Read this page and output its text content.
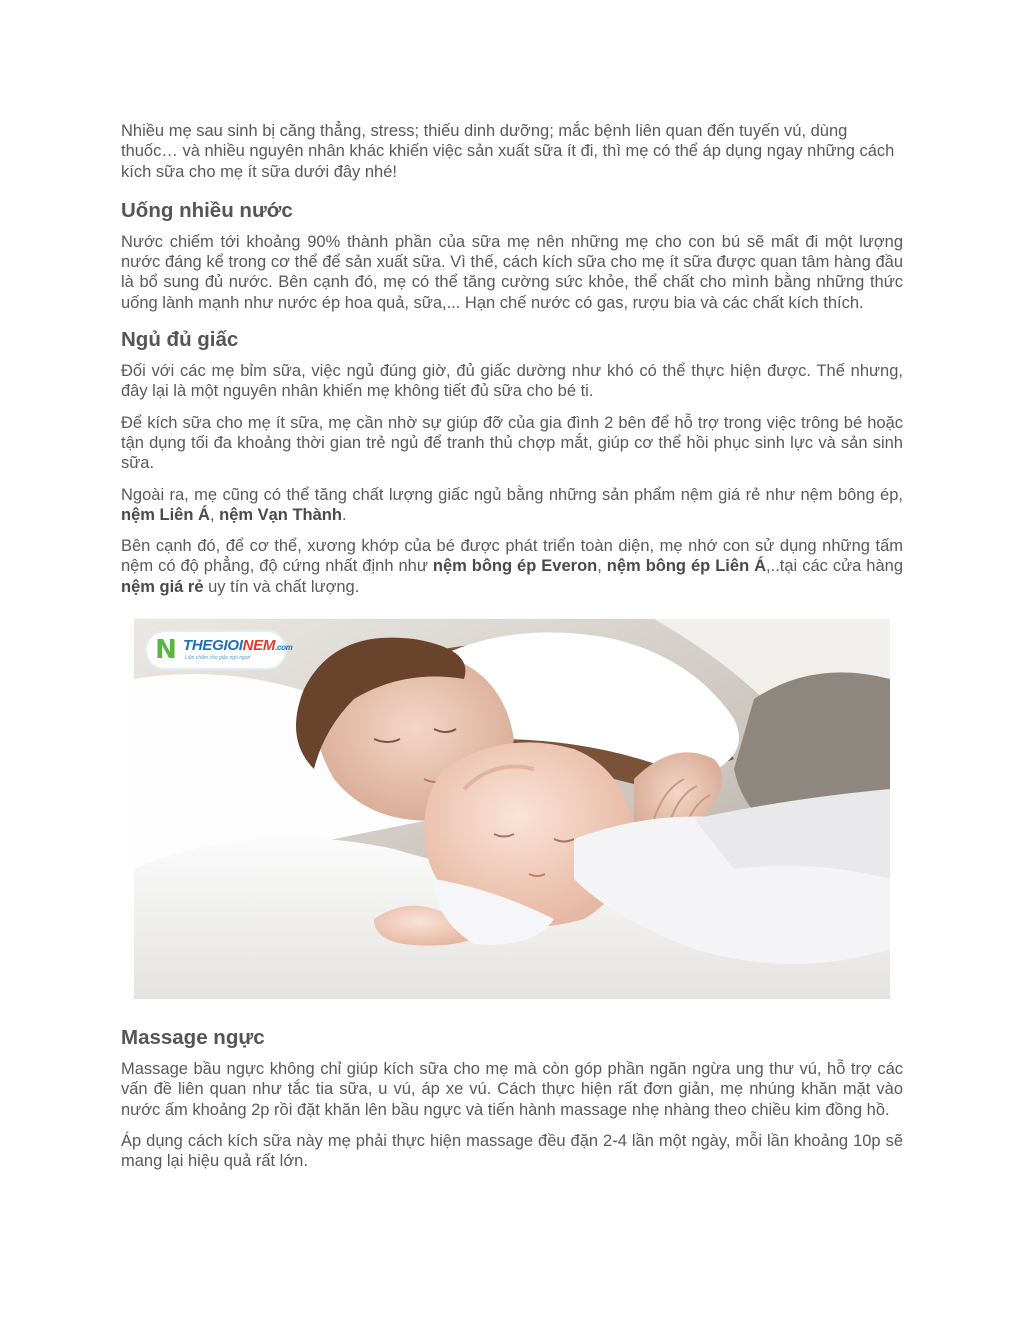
Nhiều mẹ sau sinh bị căng thẳng, stress; thiếu dinh dưỡng; mắc bệnh liên quan đến tuyến vú, dùng thuốc… và nhiều nguyên nhân khác khiến việc sản xuất sữa ít đi, thì mẹ có thể áp dụng ngay những cách kích sữa cho mẹ ít sữa dưới đây nhé!

Uống nhiều nước

Nước chiếm tới khoảng 90% thành phần của sữa mẹ nên những mẹ cho con bú sẽ mất đi một lượng nước đáng kể trong cơ thể để sản xuất sữa. Vì thế, cách kích sữa cho mẹ ít sữa được quan tâm hàng đầu là bổ sung đủ nước. Bên cạnh đó, mẹ có thể tăng cường sức khỏe, thể chất cho mình bằng những thức uống lành mạnh như nước ép hoa quả, sữa,... Hạn chế nước có gas, rượu bia và các chất kích thích.

Ngủ đủ giấc

Đối với các mẹ bỉm sữa, việc ngủ đúng giờ, đủ giấc dường như khó có thể thực hiện được. Thế nhưng, đây lại là một nguyên nhân khiến mẹ không tiết đủ sữa cho bé ti.

Để kích sữa cho mẹ ít sữa, mẹ cần nhờ sự giúp đỡ của gia đình 2 bên để hỗ trợ trong việc trông bé hoặc tận dụng tối đa khoảng thời gian trẻ ngủ để tranh thủ chợp mắt, giúp cơ thể hồi phục sinh lực và sản sinh sữa.

Ngoài ra, mẹ cũng có thể tăng chất lượng giấc ngủ bằng những sản phẩm nệm giá rẻ như nệm bông ép, nệm Liên Á, nệm Vạn Thành.

Bên cạnh đó, để cơ thể, xương khớp của bé được phát triển toàn diện, mẹ nhớ con sử dụng những tấm nệm có độ phẳng, độ cứng nhất định như nệm bông ép Everon, nệm bông ép Liên Á,..tại các cửa hàng nệm giá rẻ uy tín và chất lượng.

N THEGIOINEM.com
Liên chăm cho giấc ngủ ngon
Massage ngực

Massage bầu ngực không chỉ giúp kích sữa cho mẹ mà còn góp phần ngăn ngừa ung thư vú, hỗ trợ các vấn đề liên quan như tắc tia sữa, u vú, áp xe vú. Cách thực hiện rất đơn giản, mẹ nhúng khăn mặt vào nước ấm khoảng 2p rồi đặt khăn lên bầu ngực và tiến hành massage nhẹ nhàng theo chiều kim đồng hồ.

Áp dụng cách kích sữa này mẹ phải thực hiện massage đều đặn 2-4 lần một ngày, mỗi lần khoảng 10p sẽ mang lại hiệu quả rất lớn.
